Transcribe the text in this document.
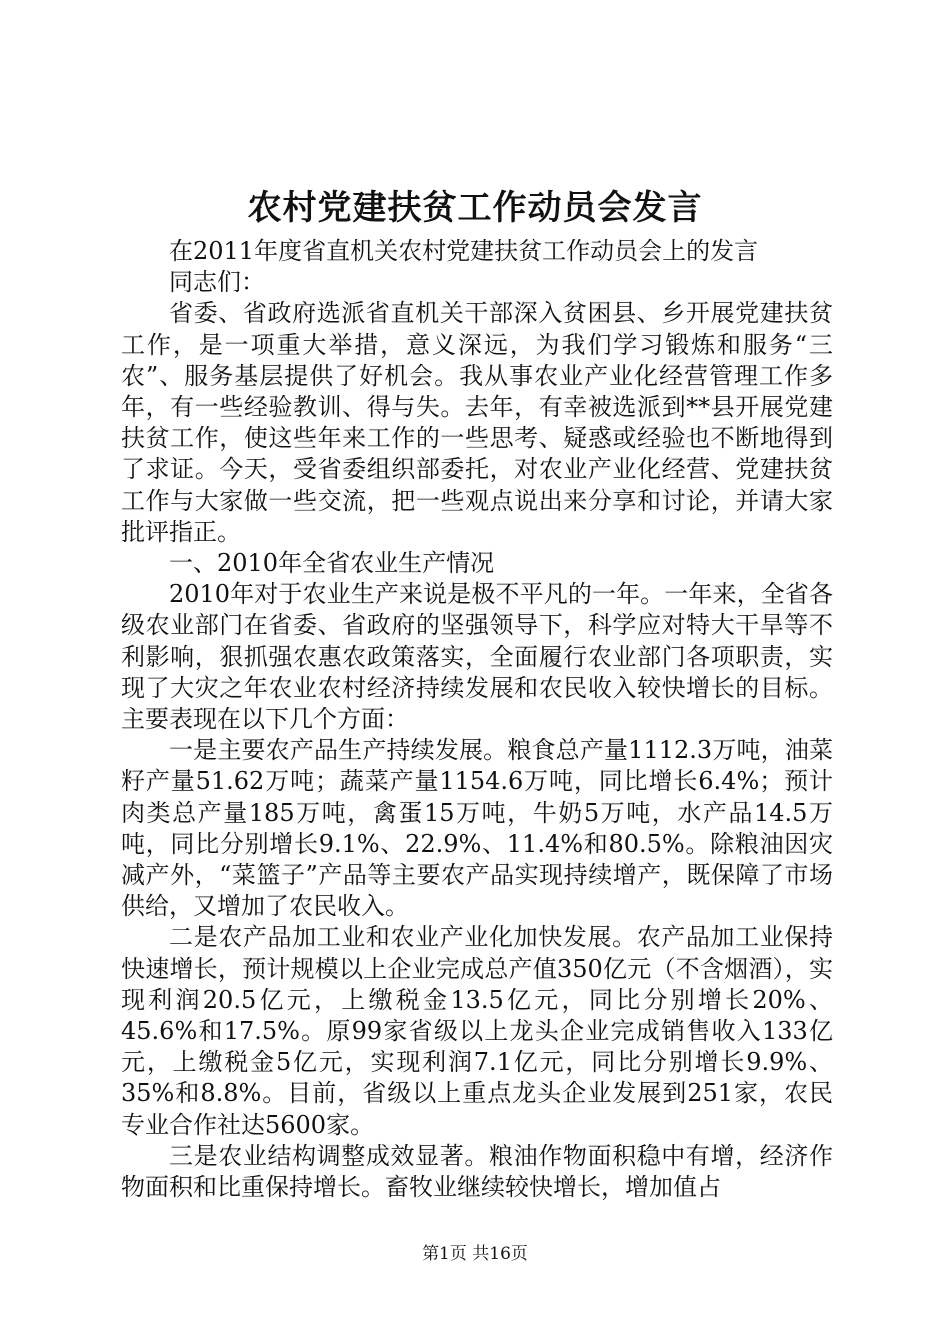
农村党建扶贫工作动员会发言

在2011年度省直机关农村党建扶贫工作动员会上的发言

同志们：

省委、省政府选派省直机关干部深入贫困县、乡开展党建扶贫工作，是一项重大举措，意义深远，为我们学习锻炼和服务“三农”、服务基层提供了好机会。我从事农业产业化经营管理工作多年，有一些经验教训、得与失。去年，有幸被选派到**县开展党建扶贫工作，使这些年来工作的一些思考、疑惑或经验也不断地得到了求证。今天，受省委组织部委托，对农业产业化经营、党建扶贫工作与大家做一些交流，把一些观点说出来分享和讨论，并请大家批评指正。

一、2010年全省农业生产情况

2010年对于农业生产来说是极不平凡的一年。一年来，全省各级农业部门在省委、省政府的坚强领导下，科学应对特大干旱等不利影响，狠抓强农惠农政策落实，全面履行农业部门各项职责，实现了大灾之年农业农村经济持续发展和农民收入较快增长的目标。主要表现在以下几个方面：

一是主要农产品生产持续发展。粮食总产量1112.3万吨，油菜籽产量51.62万吨；蔬菜产量1154.6万吨，同比增长6.4%；预计肉类总产量185万吨，禽蛋15万吨，牛奶5万吨，水产品14.5万吨，同比分别增长9.1%、22.9%、11.4%和80.5%。除粮油因灾减产外，“菜篮子”产品等主要农产品实现持续增产，既保障了市场供给，又增加了农民收入。

二是农产品加工业和农业产业化加快发展。农产品加工业保持快速增长，预计规模以上企业完成总产值350亿元（不含烟酒），实现利润20.5亿元，上缴税金13.5亿元，同比分别增长20%、45.6%和17.5%。原99家省级以上龙头企业完成销售收入133亿元，上缴税金5亿元，实现利润7.1亿元，同比分别增长9.9%、35%和8.8%。目前，省级以上重点龙头企业发展到251家，农民专业合作社达5600家。

三是农业结构调整成效显著。粮油作物面积稳中有增，经济作物面积和比重保持增长。畜牧业继续较快增长，增加值占

第1页 共16页
